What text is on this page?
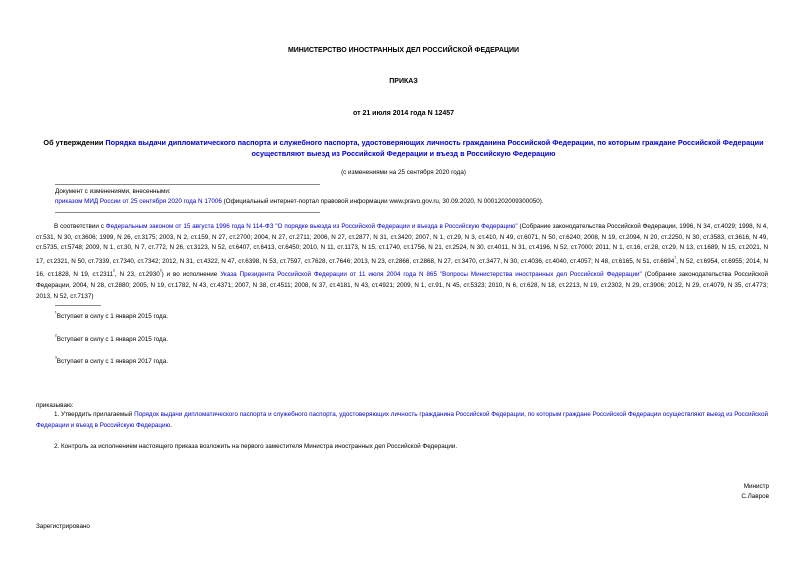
МИНИСТЕРСТВО ИНОСТРАННЫХ ДЕЛ РОССИЙСКОЙ ФЕДЕРАЦИИ
ПРИКАЗ
от 21 июля 2014 года N 12457
Об утверждении Порядка выдачи дипломатического паспорта и служебного паспорта, удостоверяющих личность гражданина Российской Федерации, по которым граждане Российской Федерации осуществляют выезд из Российской Федерации и въезд в Российскую Федерацию
(с изменениями на 25 сентября 2020 года)
Документ с изменениями, внесенными:
приказом МИД России от 25 сентября 2020 года N 17006 (Официальный интернет-портал правовой информации www.pravo.gov.ru, 30.09.2020, N 0001202009300050).
В соответствии с Федеральным законом от 15 августа 1996 года N 114-ФЗ "О порядке выезда из Российской Федерации и въезда в Российскую Федерацию" (Собрание законодательства Российской Федерации, 1996, N 34, ст.4029; 1998, N 4, ст.531, N 30, ст.3606; 1999, N 26, ст.3175; 2003, N 2, ст.159, N 27, ст.2700; 2004, N 27, ст.2711; 2006, N 27, ст.2877, N 31, ст.3420; 2007, N 1, ст.29, N 3, ст.410, N 49, ст.6071, N 50, ст.6240; 2008, N 19, ст.2094, N 20, ст.2250, N 30, ст.3583, ст.3616, N 49, ст.5735, ст.5748; 2009, N 1, ст.30, N 7, ст.772, N 26, ст.3123, N 52, ст.6407, ст.6413, ст.6450; 2010, N 11, ст.1173, N 15, ст.1740, ст.1756, N 21, ст.2524, N 30, ст.4011, N 31, ст.4196, N 52, ст.7000; 2011, N 1, ст.16, ст.28, ст.29, N 13, ст.1689, N 15, ст.2021, N 17, ст.2321, N 50, ст.7339, ст.7340, ст.7342; 2012, N 31, ст.4322, N 47, ст.6398, N 53, ст.7597, ст.7628, ст.7646; 2013, N 23, ст.2866, ст.2868, N 27, ст.3470, ст.3477, N 30, ст.4036, ст.4040, ст.4057; N 48, ст.6165, N 51, $ст.6694^{^1}$, N 52, ст.6954, ст.6955; 2014, N 16, ст.1828, N 19, $ст.2311^{^2}$, N 23, $ст.2930^{^3}$) и во исполнение Указа Президента Российской Федерации от 11 июля 2004 года N 865 "Вопросы Министерства иностранных дел Российской Федерации" (Собрание законодательства Российской Федерации, 2004, N 28, ст.2880; 2005, N 19, ст.1782, N 43, ст.4371; 2007, N 38, ст.4511; 2008, N 37, ст.4181, N 43, ст.4921; 2009, N 1, ст.91, N 45, ст.5323; 2010, N 6, ст.628, N 18, ст.2213, N 19, ст.2302, N 29, ст.3906; 2012, N 29, ст.4079, N 35, ст.4773; 2013, N 52, ст.7137)
$^{^1}$Вступает в силу с 1 января 2015 года.
$^{^2}$Вступает в силу с 1 января 2015 года.
$^{^3}$Вступает в силу с 1 января 2017 года.
приказываю:
1. Утвердить прилагаемый Порядок выдачи дипломатического паспорта и служебного паспорта, удостоверяющих личность гражданина Российской Федерации, по которым граждане Российской Федерации осуществляют выезд из Российской Федерации и въезд в Российскую Федерацию.
2. Контроль за исполнением настоящего приказа возложить на первого заместителя Министра иностранных дел Российской Федерации.
Министр
С.Лавров
Зарегистрировано
